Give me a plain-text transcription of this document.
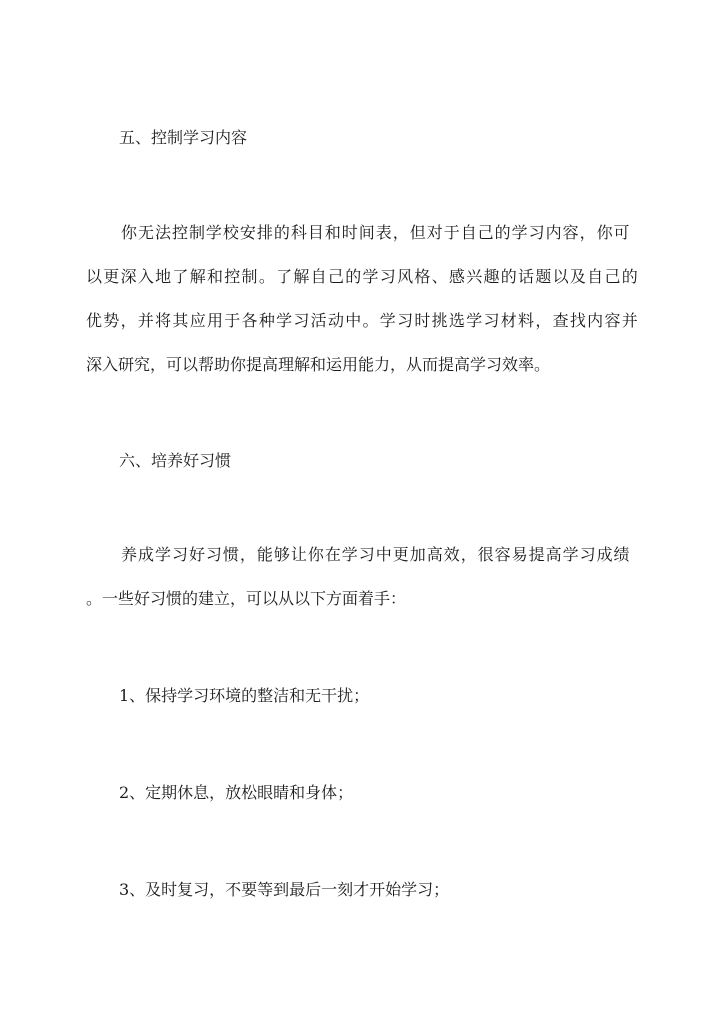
五、控制学习内容
你 无 法 控 制 学 校 安 排 的 科 目 和 时 间 表 ， 但 对 于 自 己 的 学 习 内 容 ， 你 可
以 更 深 入 地 了 解 和 控 制 。 了 解 自 己 的 学 习 风 格 、 感 兴 趣 的 话 题 以 及 自 己 的
优 势 ， 并 将 其 应 用 于 各 种 学 习 活 动 中 。 学 习 时 挑 选 学 习 材 料 ， 查 找 内 容 并
深入研究，可以帮助你提高理解和运用能力，从而提高学习效率。
六、培养好习惯
养 成 学 习 好 习 惯 ， 能 够 让 你 在 学 习 中 更 加 高 效 ， 很 容 易 提 高 学 习 成 绩
。一些好习惯的建立，可以从以下方面着手：
1、保持学习环境的整洁和无干扰；
2、定期休息，放松眼睛和身体；
3、及时复习，不要等到最后一刻才开始学习；
